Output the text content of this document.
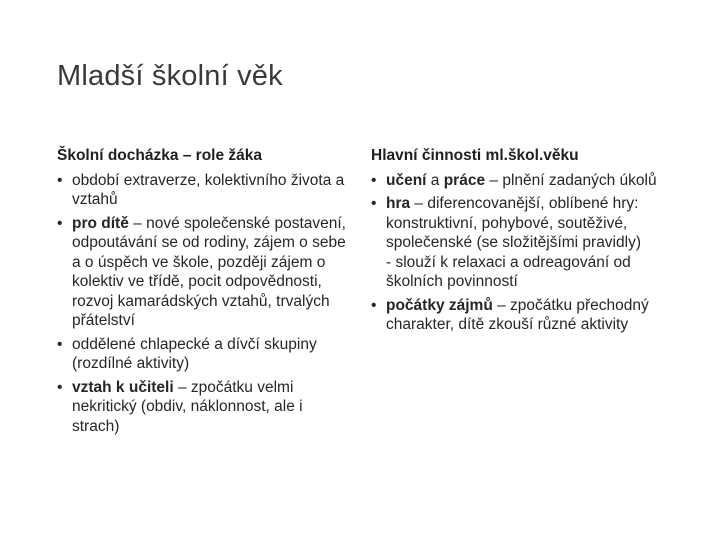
Mladší školní věk
Školní docházka – role žáka
• období extraverze, kolektivního života a vztahů
• pro dítě – nové společenské postavení, odpoutávání se od rodiny, zájem o sebe a o úspěch ve škole, později zájem o kolektiv ve třídě, pocit odpovědnosti, rozvoj kamarádských vztahů, trvalých přátelství
• oddělené chlapecké a dívčí skupiny (rozdílné aktivity)
• vztah k učiteli – zpočátku velmi nekritický (obdiv, náklonnost, ale i strach)
Hlavní činnosti ml.škol.věku
• učení a práce – plnění zadaných úkolů
• hra – diferencovanější, oblíbené hry: konstruktivní, pohybové, soutěživé, společenské (se složitějšími pravidly)
- slouží k relaxaci a odreagování od školních povinností
• počátky zájmů – zpočátku přechodný charakter, dítě zkouší různé aktivity
